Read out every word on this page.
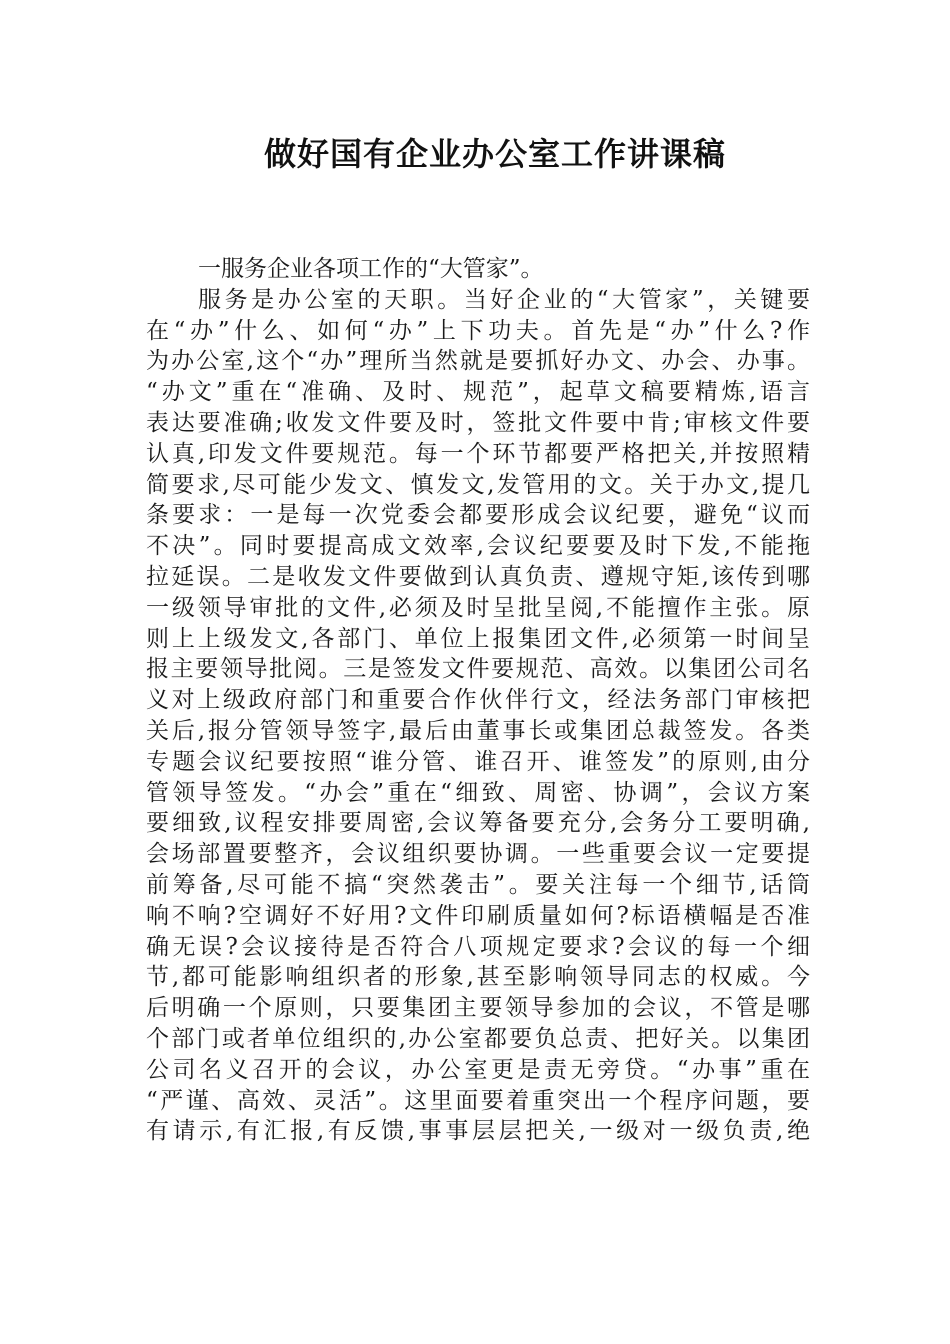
做好国有企业办公室工作讲课稿
一服务企业各项工作的“大管家”。
服务是办公室的天职。当好企业的“大管家”，关键要
在“办”什么、如何“办”上下功夫。首先是“办”什么?作
为办公室,这个“办”理所当然就是要抓好办文、办会、办事。
“办文”重在“准确、及时、规范”，起草文稿要精炼,语言
表达要准确;收发文件要及时，签批文件要中肯;审核文件要
认真,印发文件要规范。每一个环节都要严格把关,并按照精
简要求,尽可能少发文、慎发文,发管用的文。关于办文,提几
条要求：一是每一次党委会都要形成会议纪要，避免“议而
不决”。同时要提高成文效率,会议纪要要及时下发,不能拖
拉延误。二是收发文件要做到认真负责、遵规守矩,该传到哪
一级领导审批的文件,必须及时呈批呈阅,不能擅作主张。原
则上上级发文,各部门、单位上报集团文件,必须第一时间呈
报主要领导批阅。三是签发文件要规范、高效。以集团公司名
义对上级政府部门和重要合作伙伴行文，经法务部门审核把
关后,报分管领导签字,最后由董事长或集团总裁签发。各类
专题会议纪要按照“谁分管、谁召开、谁签发”的原则,由分
管领导签发。“办会”重在“细致、周密、协调”，会议方案
要细致,议程安排要周密,会议筹备要充分,会务分工要明确,
会场部置要整齐，会议组织要协调。一些重要会议一定要提
前筹备,尽可能不搞“突然袭击”。要关注每一个细节,话筒
响不响?空调好不好用?文件印刷质量如何?标语横幅是否准
确无误?会议接待是否符合八项规定要求?会议的每一个细
节,都可能影响组织者的形象,甚至影响领导同志的权威。今
后明确一个原则，只要集团主要领导参加的会议，不管是哪
个部门或者单位组织的,办公室都要负总责、把好关。以集团
公司名义召开的会议，办公室更是责无旁贷。“办事”重在
“严谨、高效、灵活”。这里面要着重突出一个程序问题，要
有请示,有汇报,有反馈,事事层层把关,一级对一级负责,绝
